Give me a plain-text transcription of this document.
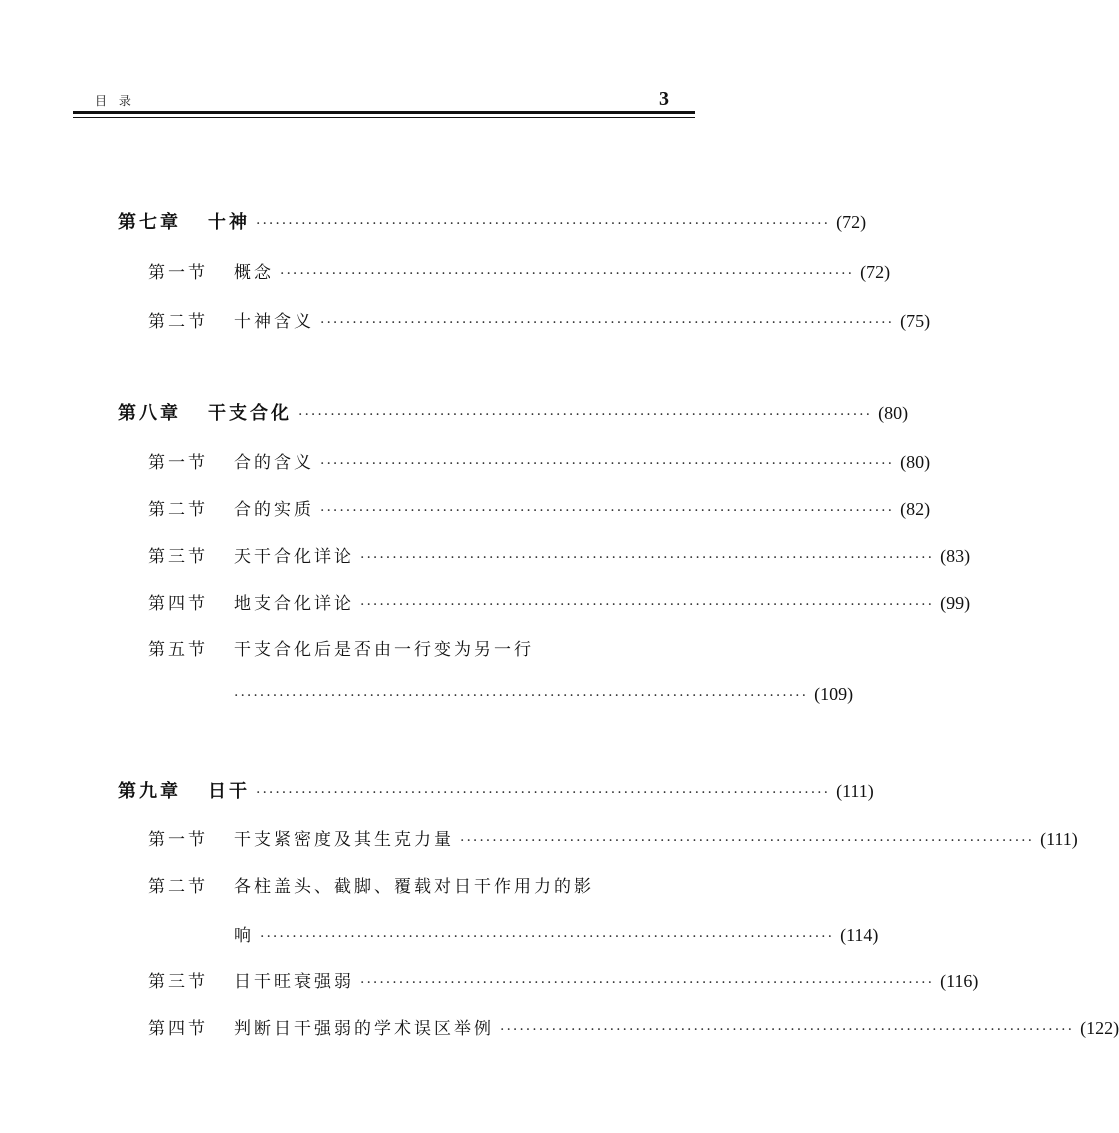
目 录	3
第七章 十神 ························································································· (72)
第一节 概念 ························································································· (72)
第二节 十神含义 ························································································· (75)
第八章 干支合化 ························································································· (80)
第一节 合的含义 ························································································· (80)
第二节 合的实质 ························································································· (82)
第三节 天干合化详论 ························································································· (83)
第四节 地支合化详论 ························································································· (99)
第五节 干支合化后是否由一行变为另一行
························································································· (109)
第九章 日干 ························································································· (111)
第一节 干支紧密度及其生克力量 ························································································· (111)
第二节 各柱盖头、截脚、覆载对日干作用力的影
响 ························································································· (114)
第三节 日干旺衰强弱 ························································································· (116)
第四节 判断日干强弱的学术误区举例 ························································································· (122)
